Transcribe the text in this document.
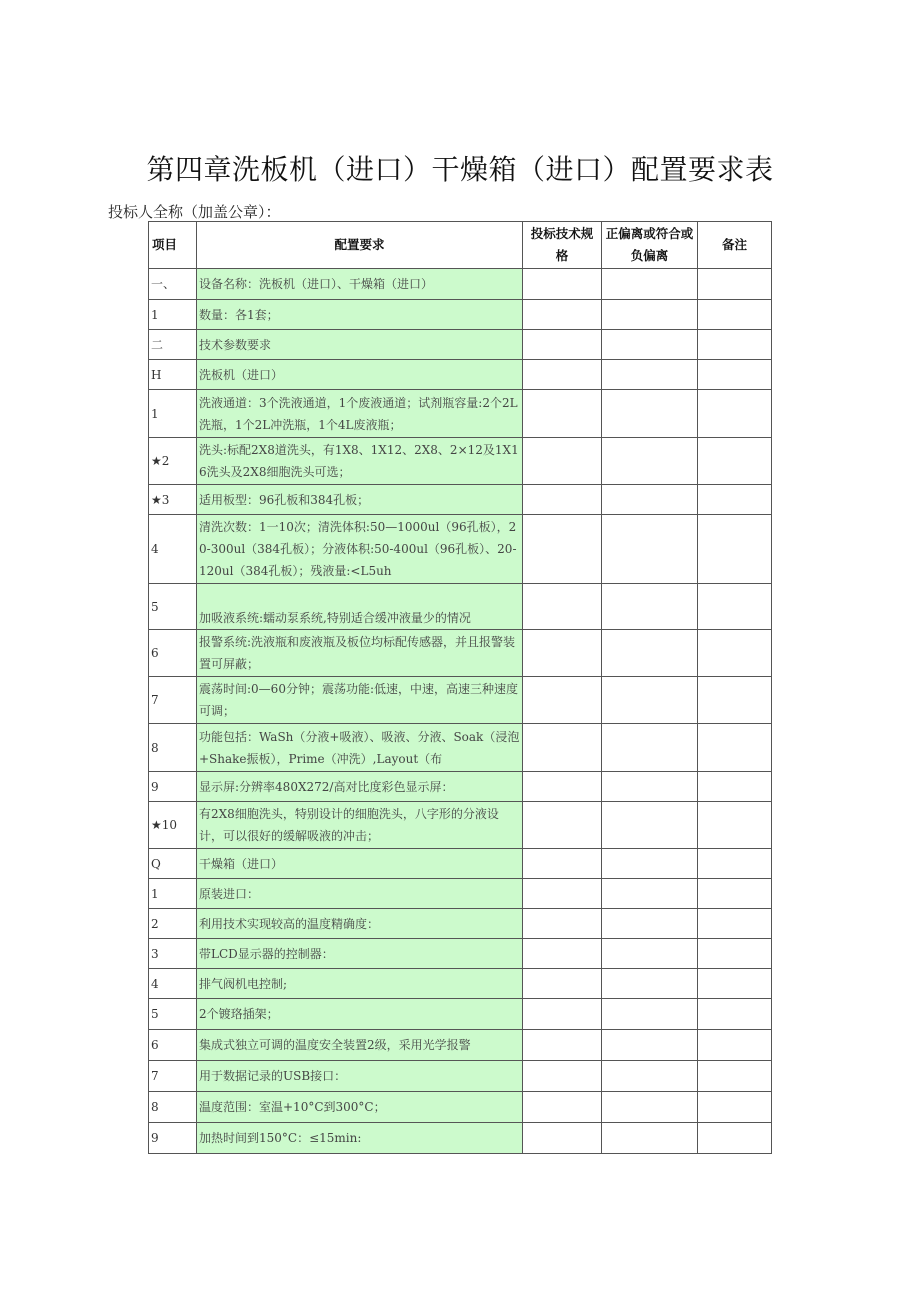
第四章洗板机（进口）干燥箱（进口）配置要求表
投标人全称（加盖公章）：
项目	配置要求	投标技术规格	正偏离或符合或负偏离	备注
一、	设备名称：洗板机（进口）、干燥箱（进口）			
1	数量：各1套；			
二	技术参数要求			
H	洗板机（进口）			
1	洗液通道：3个洗液通道，1个废液通道；试剂瓶容量:2个2L洗瓶，1个2L冲洗瓶，1个4L废液瓶；			
★2	洗头:标配2X8道洗头，有1X8、1X12、2X8、2×12及1X16洗头及2X8细胞洗头可选；			
★3	适用板型：96孔板和384孔板；			
4	清洗次数：1一10次；清洗体积:50—1000ul（96孔板），20-300ul（384孔板）；分液体积:50-400ul（96孔板）、20-120ul（384孔板）；残液量:<L5uh			
5	加吸液系统:蠕动泵系统,特别适合缓冲液量少的情况			
6	报警系统:洗液瓶和废液瓶及板位均标配传感器，并且报警装置可屏蔽；			
7	震荡时间:0—60分钟；震荡功能:低速，中速，高速三种速度可调；			
8	功能包括：WaSh（分液+吸液）、吸液、分液、Soak（浸泡+Shake振板），Prime（冲洗）,Layout（布			
9	显示屏:分辨率480X272/高对比度彩色显示屏：			
★10	有2X8细胞洗头，特别设计的细胞洗头，八字形的分液设计，可以很好的缓解吸液的冲击；			
Q	干燥箱（进口）			
1	原装进口：			
2	利用技术实现较高的温度精确度：			
3	带LCD显示器的控制器：			
4	排气阀机电控制;			
5	2个镀珞插架；			
6	集成式独立可调的温度安全装置2级，采用光学报警			
7	用于数据记录的USB接口：			
8	温度范围：室温+10°C到300°C；			
9	加热时间到150°C：≤15min:			
